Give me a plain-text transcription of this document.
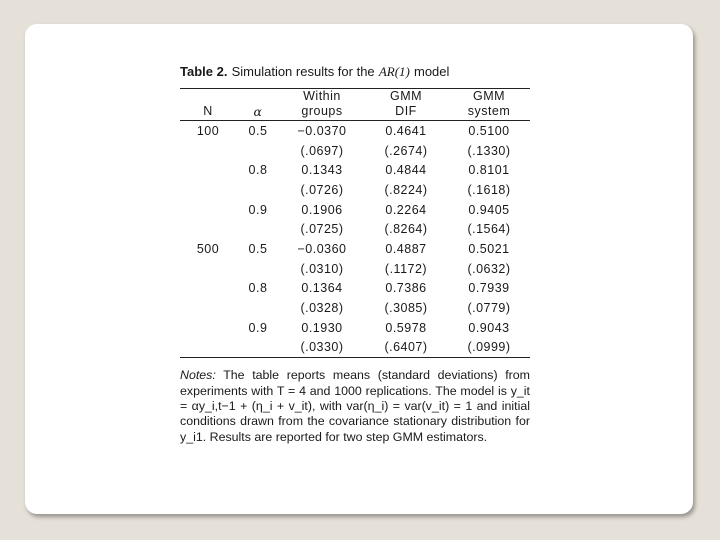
Table 2. Simulation results for the AR(1) model

		Within	GMM	GMM
N	α	groups	DIF	system
100	0.5	−0.0370	0.4641	0.5100
		(.0697)	(.2674)	(.1330)
	0.8	0.1343	0.4844	0.8101
		(.0726)	(.8224)	(.1618)
	0.9	0.1906	0.2264	0.9405
		(.0725)	(.8264)	(.1564)
500	0.5	−0.0360	0.4887	0.5021
		(.0310)	(.1172)	(.0632)
	0.8	0.1364	0.7386	0.7939
		(.0328)	(.3085)	(.0779)
	0.9	0.1930	0.5978	0.9043
		(.0330)	(.6407)	(.0999)
Notes: The table reports means (standard deviations) from experiments with T = 4 and 1000 replications. The model is y_it = αy_i,t−1 + (η_i + v_it), with var(η_i) = var(v_it) = 1 and initial conditions drawn from the covariance stationary distribution for y_i1. Results are reported for two step GMM estimators.
